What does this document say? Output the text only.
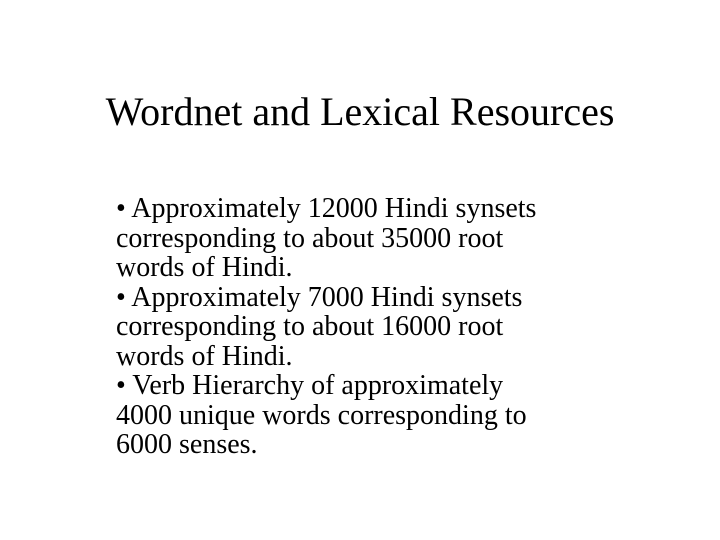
Wordnet and Lexical Resources
• Approximately 12000 Hindi synsets
corresponding to about 35000 root
words of Hindi.
• Approximately 7000 Hindi synsets
corresponding to about 16000 root
words of Hindi.
• Verb Hierarchy of approximately
4000 unique words corresponding to
6000 senses.
